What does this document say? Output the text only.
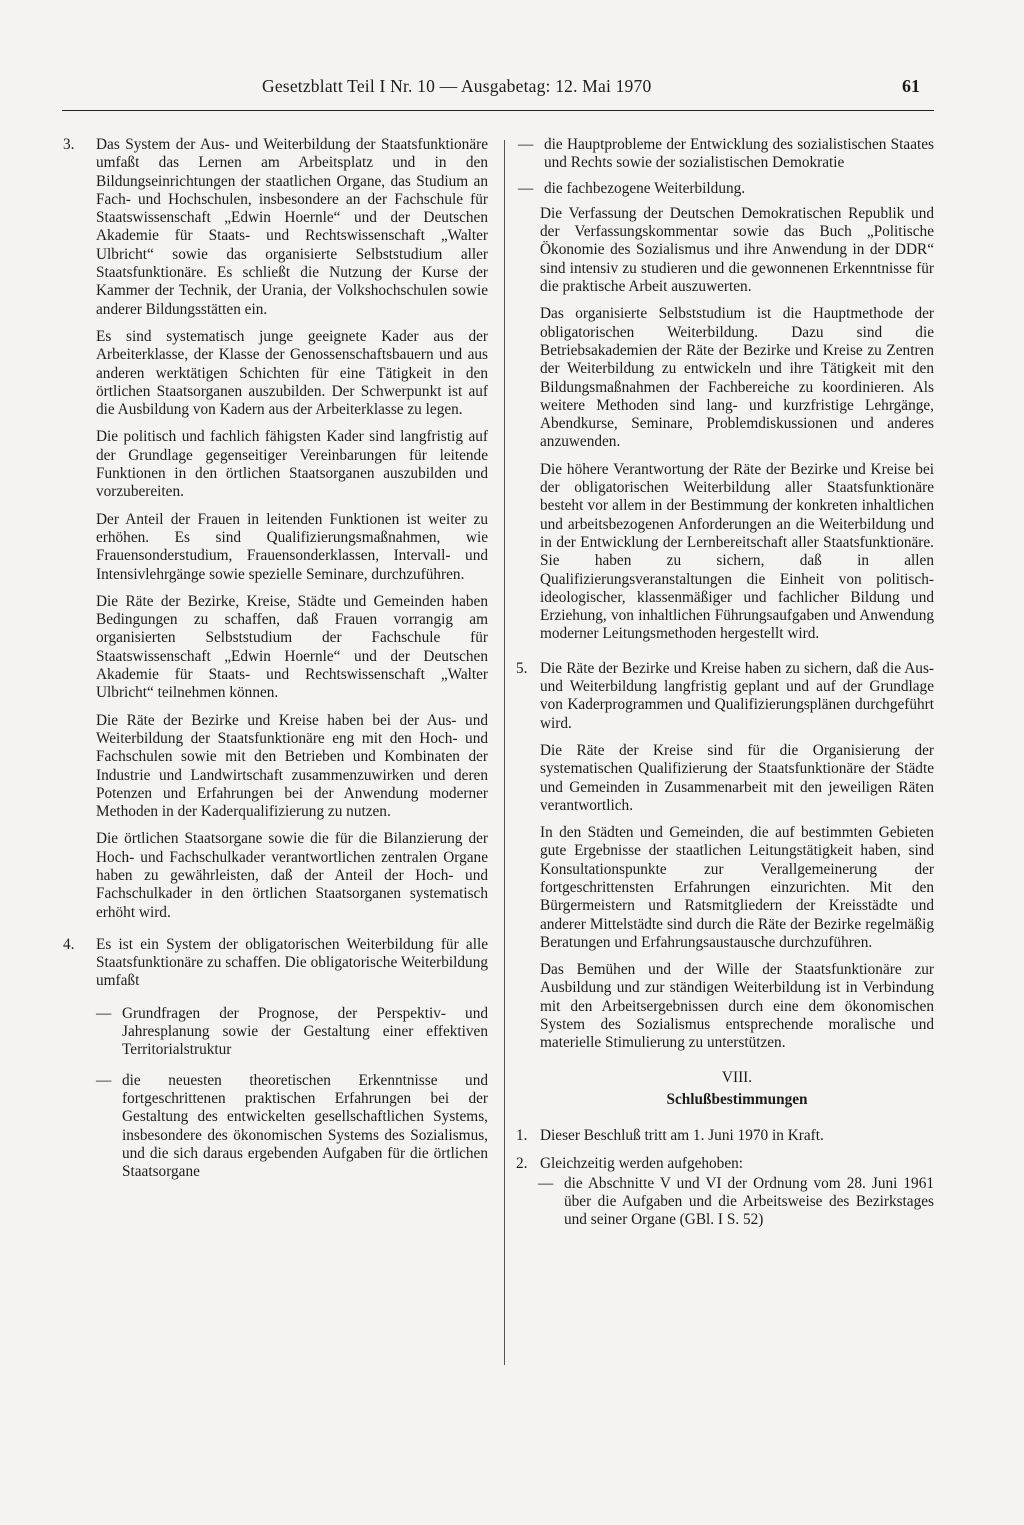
Gesetzblatt Teil I Nr. 10 — Ausgabetag: 12. Mai 1970	61
3. Das System der Aus- und Weiterbildung der Staatsfunktionäre umfaßt das Lernen am Arbeitsplatz und in den Bildungseinrichtungen der staatlichen Organe, das Studium an Fach- und Hochschulen, insbesondere an der Fachschule für Staatswissenschaft „Edwin Hoernle“ und der Deutschen Akademie für Staats- und Rechtswissenschaft „Walter Ulbricht“ sowie das organisierte Selbststudium aller Staatsfunktionäre. Es schließt die Nutzung der Kurse der Kammer der Technik, der Urania, der Volkshochschulen sowie anderer Bildungsstätten ein.

Es sind systematisch junge geeignete Kader aus der Arbeiterklasse, der Klasse der Genossenschaftsbauern und aus anderen werktätigen Schichten für eine Tätigkeit in den örtlichen Staatsorganen auszubilden. Der Schwerpunkt ist auf die Ausbildung von Kadern aus der Arbeiterklasse zu legen.

Die politisch und fachlich fähigsten Kader sind langfristig auf der Grundlage gegenseitiger Vereinbarungen für leitende Funktionen in den örtlichen Staatsorganen auszubilden und vorzubereiten.

Der Anteil der Frauen in leitenden Funktionen ist weiter zu erhöhen. Es sind Qualifizierungsmaßnahmen, wie Frauensonderstudium, Frauensonderklassen, Intervall- und Intensivlehrgänge sowie spezielle Seminare, durchzuführen.

Die Räte der Bezirke, Kreise, Städte und Gemeinden haben Bedingungen zu schaffen, daß Frauen vorrangig am organisierten Selbststudium der Fachschule für Staatswissenschaft „Edwin Hoernle“ und der Deutschen Akademie für Staats- und Rechtswissenschaft „Walter Ulbricht“ teilnehmen können.

Die Räte der Bezirke und Kreise haben bei der Aus- und Weiterbildung der Staatsfunktionäre eng mit den Hoch- und Fachschulen sowie mit den Betrieben und Kombinaten der Industrie und Landwirtschaft zusammenzuwirken und deren Potenzen und Erfahrungen bei der Anwendung moderner Methoden in der Kaderqualifizierung zu nutzen.

Die örtlichen Staatsorgane sowie die für die Bilanzierung der Hoch- und Fachschulkader verantwortlichen zentralen Organe haben zu gewährleisten, daß der Anteil der Hoch- und Fachschulkader in den örtlichen Staatsorganen systematisch erhöht wird.

4. Es ist ein System der obligatorischen Weiterbildung für alle Staatsfunktionäre zu schaffen. Die obligatorische Weiterbildung umfaßt

— Grundfragen der Prognose, der Perspektiv- und Jahresplanung sowie der Gestaltung einer effektiven Territorialstruktur
— die neuesten theoretischen Erkenntnisse und fortgeschrittenen praktischen Erfahrungen bei der Gestaltung des entwickelten gesellschaftlichen Systems, insbesondere des ökonomischen Systems des Sozialismus, und die sich daraus ergebenden Aufgaben für die örtlichen Staatsorgane
— die Hauptprobleme der Entwicklung des sozialistischen Staates und Rechts sowie der sozialistischen Demokratie
— die fachbezogene Weiterbildung.

Die Verfassung der Deutschen Demokratischen Republik und der Verfassungskommentar sowie das Buch „Politische Ökonomie des Sozialismus und ihre Anwendung in der DDR“ sind intensiv zu studieren und die gewonnenen Erkenntnisse für die praktische Arbeit auszuwerten.

Das organisierte Selbststudium ist die Hauptmethode der obligatorischen Weiterbildung. Dazu sind die Betriebsakademien der Räte der Bezirke und Kreise zu Zentren der Weiterbildung zu entwickeln und ihre Tätigkeit mit den Bildungsmaßnahmen der Fachbereiche zu koordinieren. Als weitere Methoden sind lang- und kurzfristige Lehrgänge, Abendkurse, Seminare, Problemdiskussionen und anderes anzuwenden.

Die höhere Verantwortung der Räte der Bezirke und Kreise bei der obligatorischen Weiterbildung aller Staatsfunktionäre besteht vor allem in der Bestimmung der konkreten inhaltlichen und arbeitsbezogenen Anforderungen an die Weiterbildung und in der Entwicklung der Lernbereitschaft aller Staatsfunktionäre. Sie haben zu sichern, daß in allen Qualifizierungsveranstaltungen die Einheit von politisch-ideologischer, klassenmäßiger und fachlicher Bildung und Erziehung, von inhaltlichen Führungsaufgaben und Anwendung moderner Leitungsmethoden hergestellt wird.

5. Die Räte der Bezirke und Kreise haben zu sichern, daß die Aus- und Weiterbildung langfristig geplant und auf der Grundlage von Kaderprogrammen und Qualifizierungsplänen durchgeführt wird.

Die Räte der Kreise sind für die Organisierung der systematischen Qualifizierung der Staatsfunktionäre der Städte und Gemeinden in Zusammenarbeit mit den jeweiligen Räten verantwortlich.

In den Städten und Gemeinden, die auf bestimmten Gebieten gute Ergebnisse der staatlichen Leitungstätigkeit haben, sind Konsultationspunkte zur Verallgemeinerung der fortgeschrittensten Erfahrungen einzurichten. Mit den Bürgermeistern und Ratsmitgliedern der Kreisstädte und anderer Mittelstädte sind durch die Räte der Bezirke regelmäßig Beratungen und Erfahrungsaustausche durchzuführen.

Das Bemühen und der Wille der Staatsfunktionäre zur Ausbildung und zur ständigen Weiterbildung ist in Verbindung mit den Arbeitsergebnissen durch eine dem ökonomischen System des Sozialismus entsprechende moralische und materielle Stimulierung zu unterstützen.

VIII.
Schlußbestimmungen
1. Dieser Beschluß tritt am 1. Juni 1970 in Kraft.

2. Gleichzeitig werden aufgehoben:

— die Abschnitte V und VI der Ordnung vom 28. Juni 1961 über die Aufgaben und die Arbeitsweise des Bezirkstages und seiner Organe (GBl. I S. 52)
